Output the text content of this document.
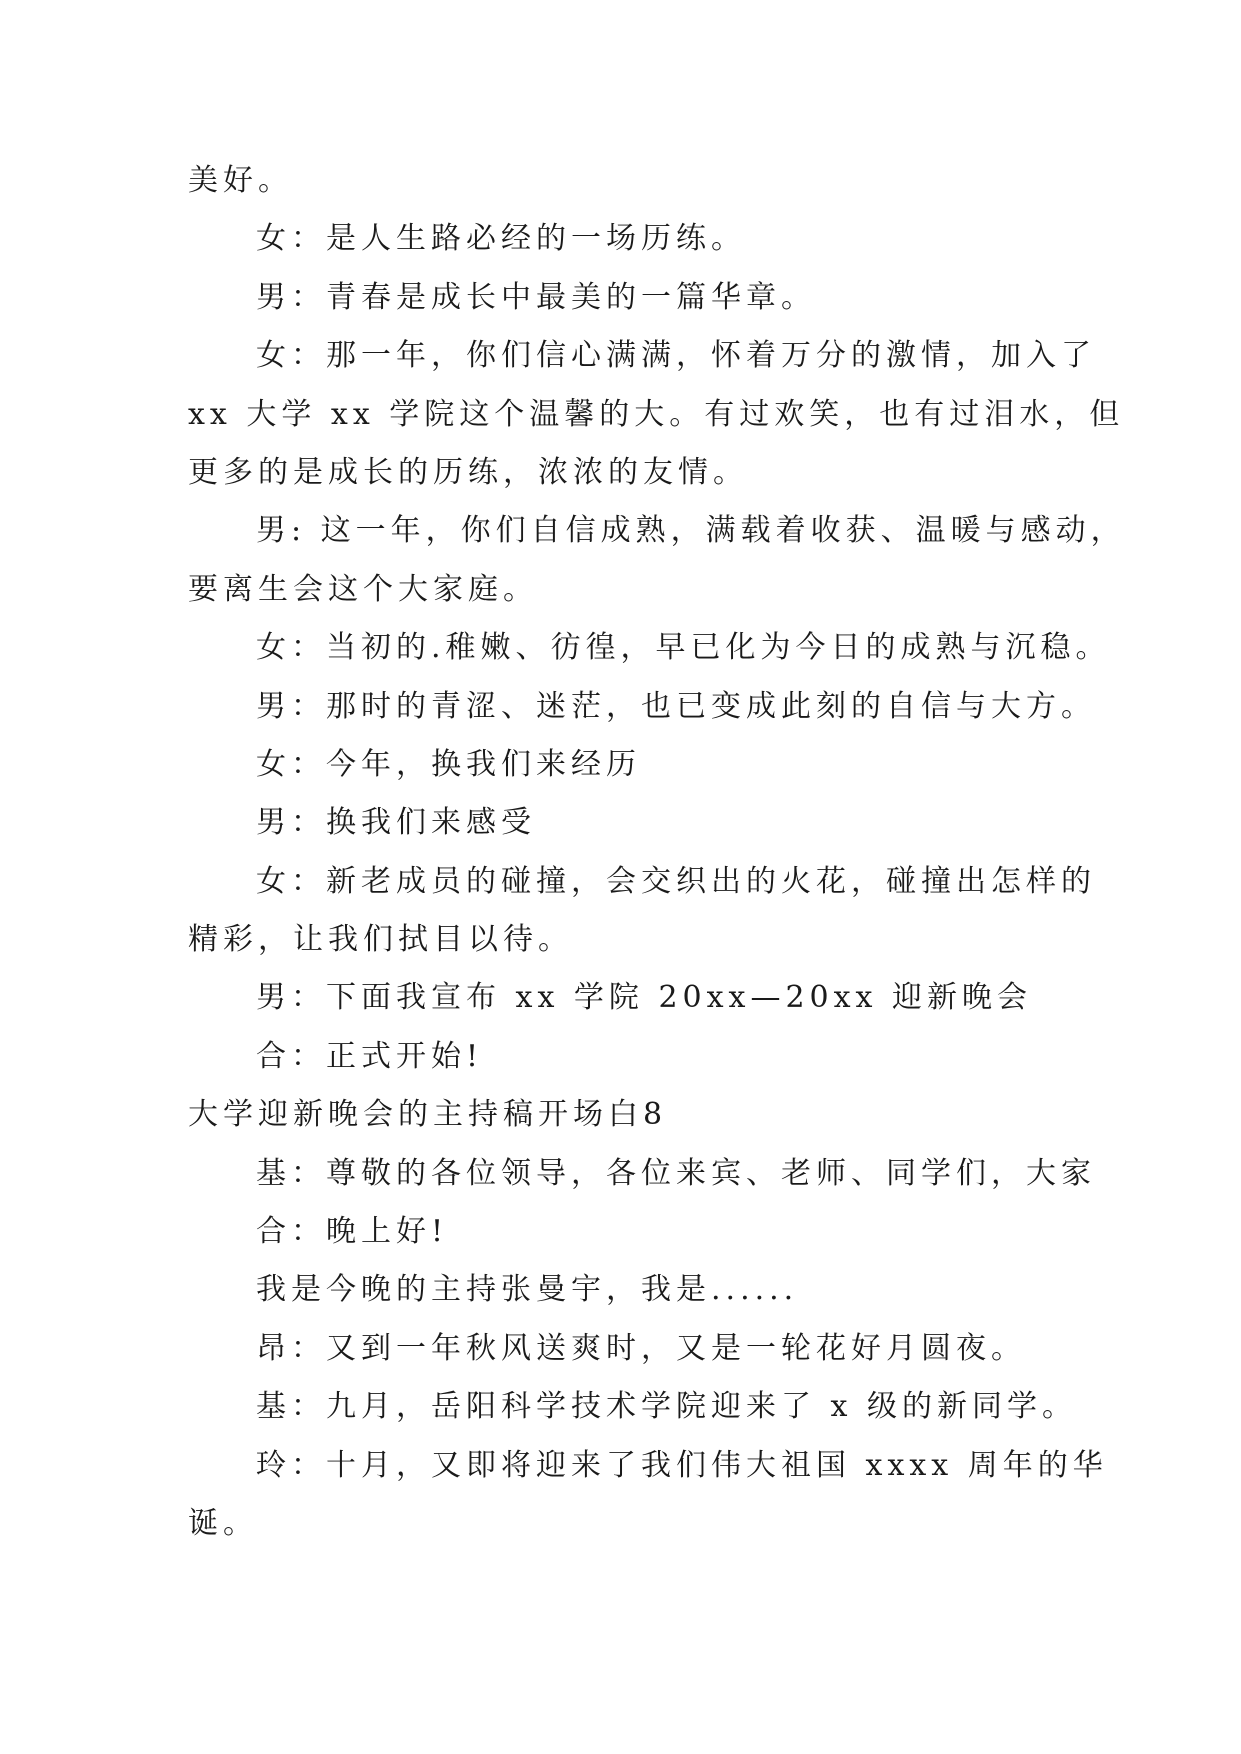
美好。
女：是人生路必经的一场历练。
男：青春是成长中最美的一篇华章。
女：那一年，你们信心满满，怀着万分的激情，加入了
xx 大学 xx 学院这个温馨的大。有过欢笑，也有过泪水，但
更多的是成长的历练，浓浓的友情。
男: 这一年，你们自信成熟，满载着收获、温暖与感动，
要离生会这个大家庭。
女：当初的.稚嫩、彷徨，早已化为今日的成熟与沉稳。
男：那时的青涩、迷茫，也已变成此刻的自信与大方。
女：今年，换我们来经历
男：换我们来感受
女：新老成员的碰撞，会交织出的火花，碰撞出怎样的
精彩，让我们拭目以待。
男：下面我宣布 xx 学院 20xx—20xx 迎新晚会
合：正式开始!
大学迎新晚会的主持稿开场白8
基：尊敬的各位领导，各位来宾、老师、同学们，大家
合：晚上好!
我是今晚的主持张曼宇，我是......
昂：又到一年秋风送爽时，又是一轮花好月圆夜。
基：九月，岳阳科学技术学院迎来了 x 级的新同学。
玲：十月，又即将迎来了我们伟大祖国 xxxx 周年的华
诞。
